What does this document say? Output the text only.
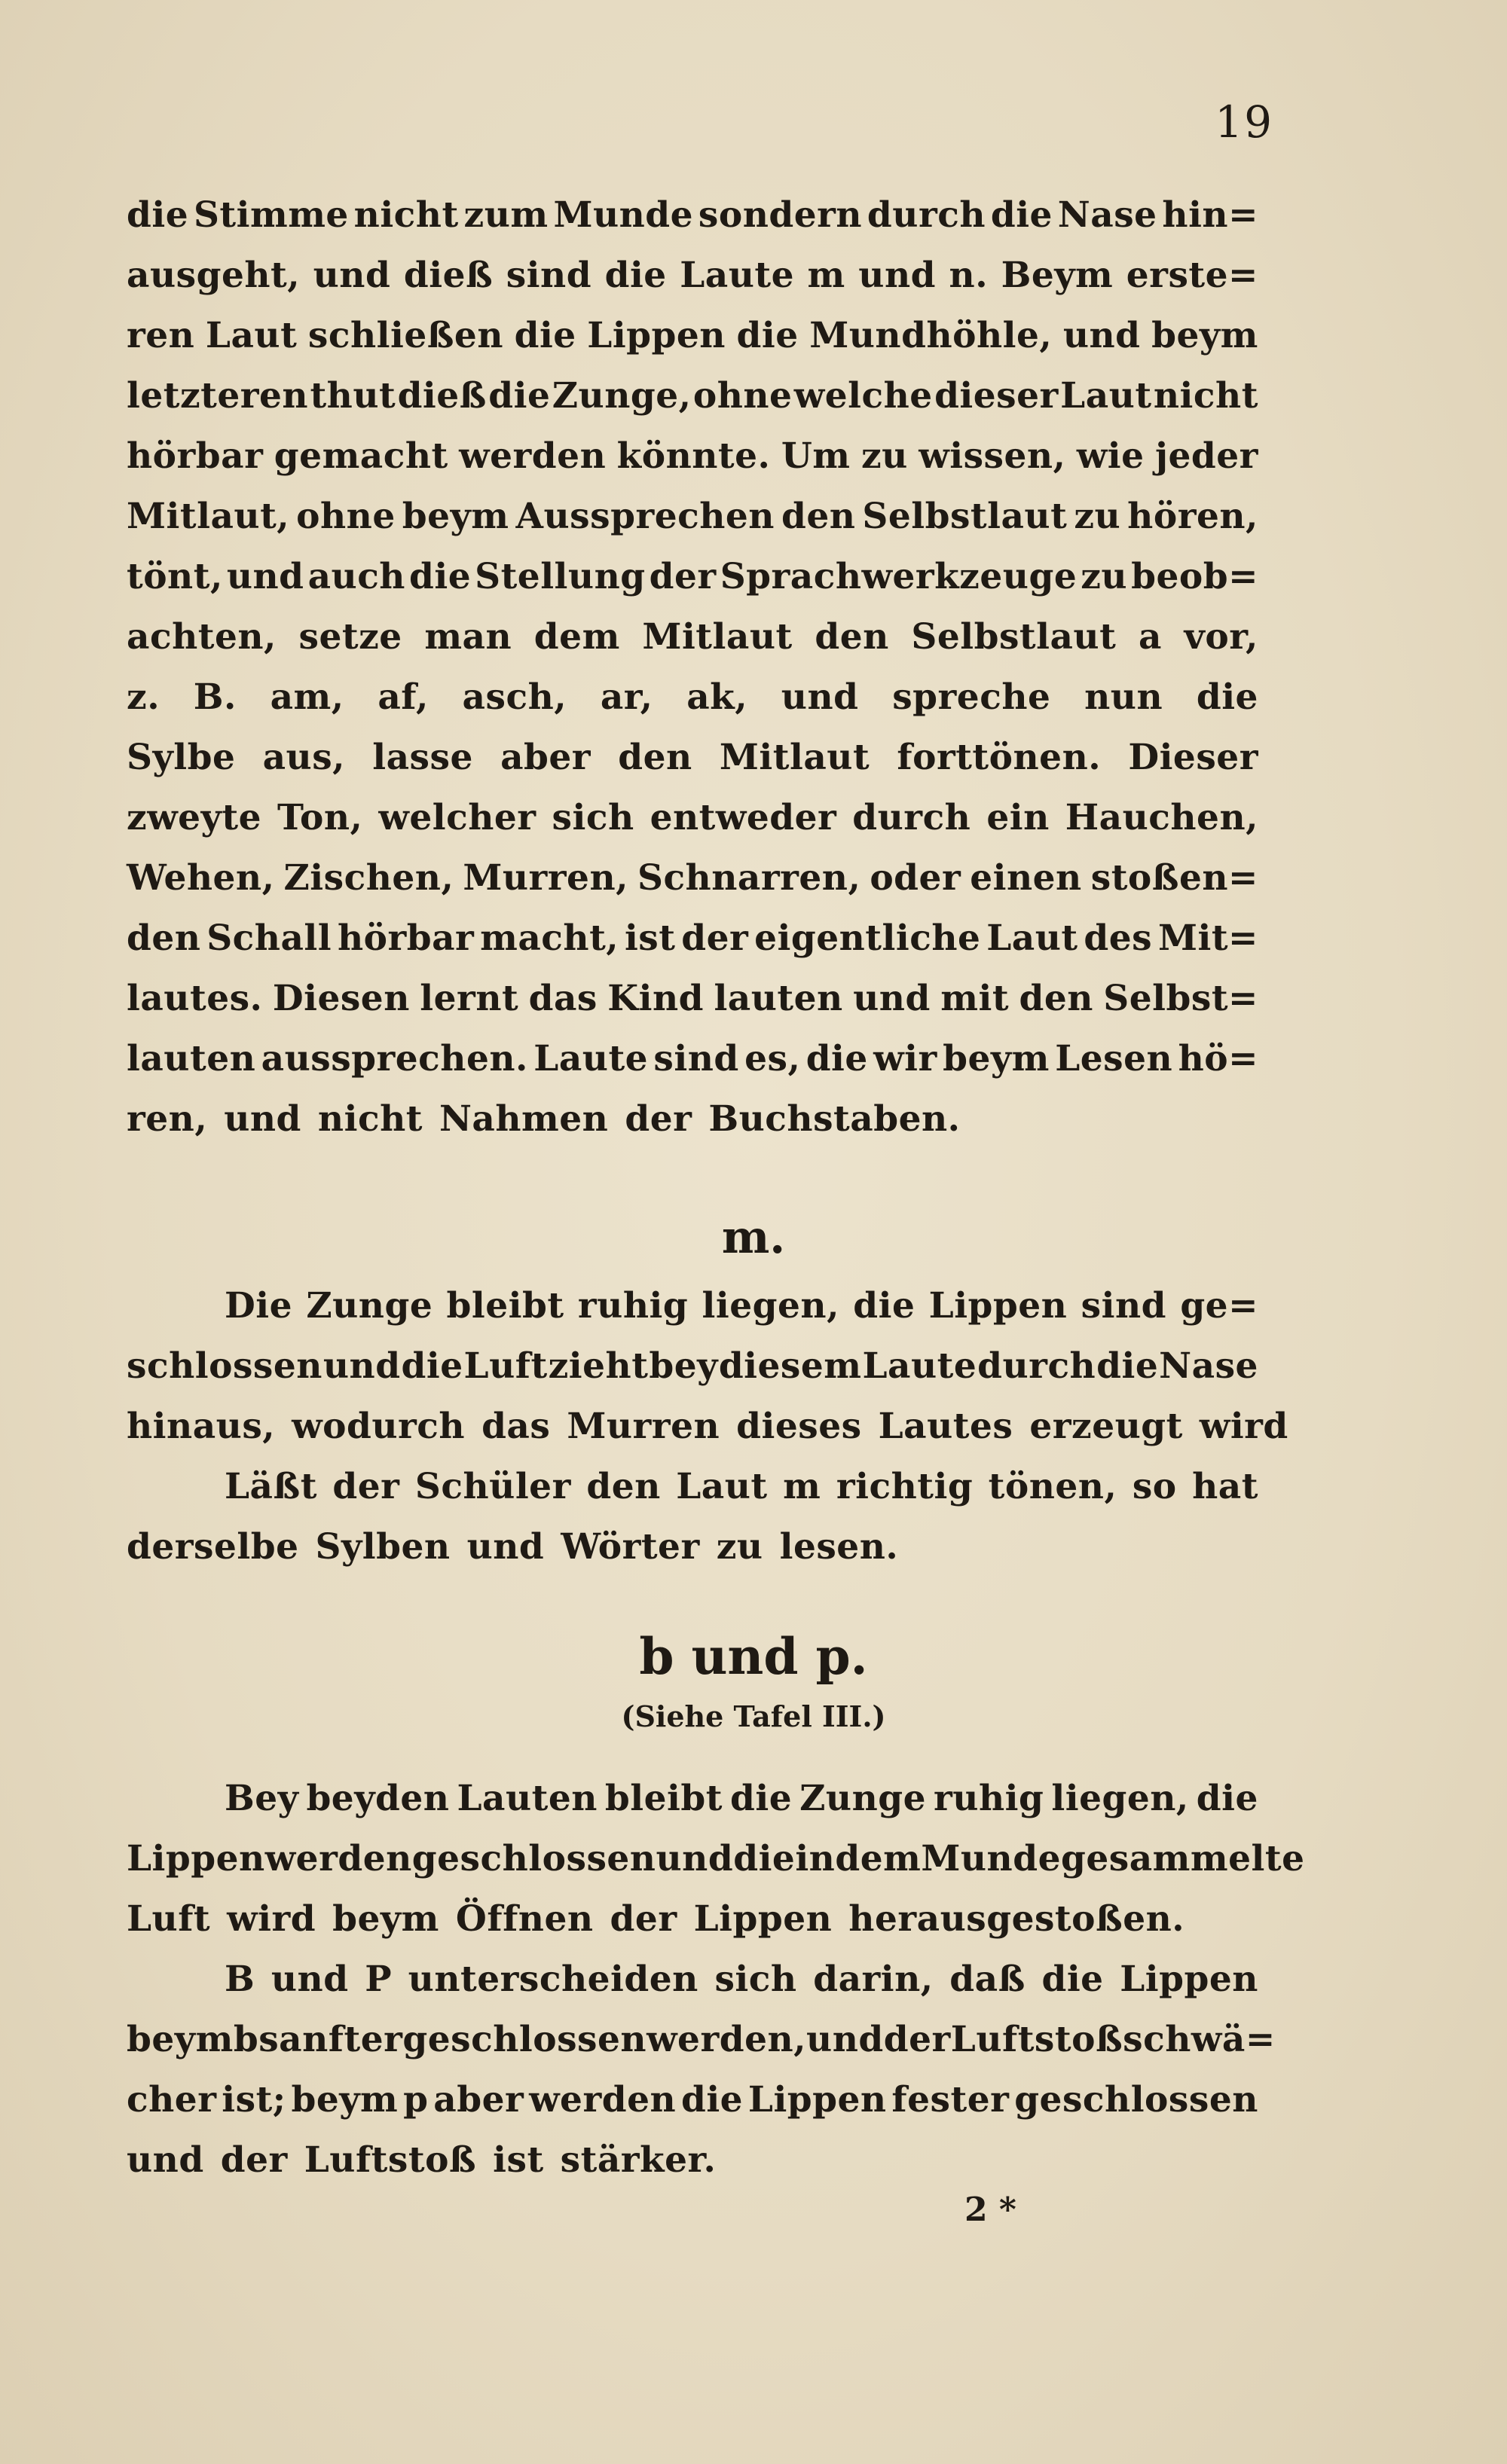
19
die Stimme nicht zum Munde sondern durch die Nase hin=
ausgeht, und dieß sind die Laute m und n. Beym erste=
ren Laut schließen die Lippen die Mundhöhle, und beym
letzteren thut dieß die Zunge, ohne welche dieser Laut nicht
hörbar gemacht werden könnte. Um zu wissen, wie jeder
Mitlaut, ohne beym Aussprechen den Selbstlaut zu hören,
tönt, und auch die Stellung der Sprachwerkzeuge zu beob=
achten, setze man dem Mitlaut den Selbstlaut a vor,
z. B. am, af, asch, ar, ak, und spreche nun die
Sylbe aus, lasse aber den Mitlaut forttönen. Dieser
zweyte Ton, welcher sich entweder durch ein Hauchen,
Wehen, Zischen, Murren, Schnarren, oder einen stoßen=
den Schall hörbar macht, ist der eigentliche Laut des Mit=
lautes. Diesen lernt das Kind lauten und mit den Selbst=
lauten aussprechen. Laute sind es, die wir beym Lesen hö=
ren, und nicht Nahmen der Buchstaben.
m.
Die Zunge bleibt ruhig liegen, die Lippen sind ge=
schlossen und die Luft zieht bey diesem Laute durch die Nase
hinaus, wodurch das Murren dieses Lautes erzeugt wird
Läßt der Schüler den Laut m richtig tönen, so hat
derselbe Sylben und Wörter zu lesen.
b und p.
(Siehe Tafel III.)
Bey beyden Lauten bleibt die Zunge ruhig liegen, die
Lippen werden geschlossen und die in dem Munde gesammelte
Luft wird beym Öffnen der Lippen herausgestoßen.
B und P unterscheiden sich darin, daß die Lippen
beym b sanfter geschlossen werden, und der Luftstoß schwä=
cher ist; beym p aber werden die Lippen fester geschlossen
und der Luftstoß ist stärker.
2 *
